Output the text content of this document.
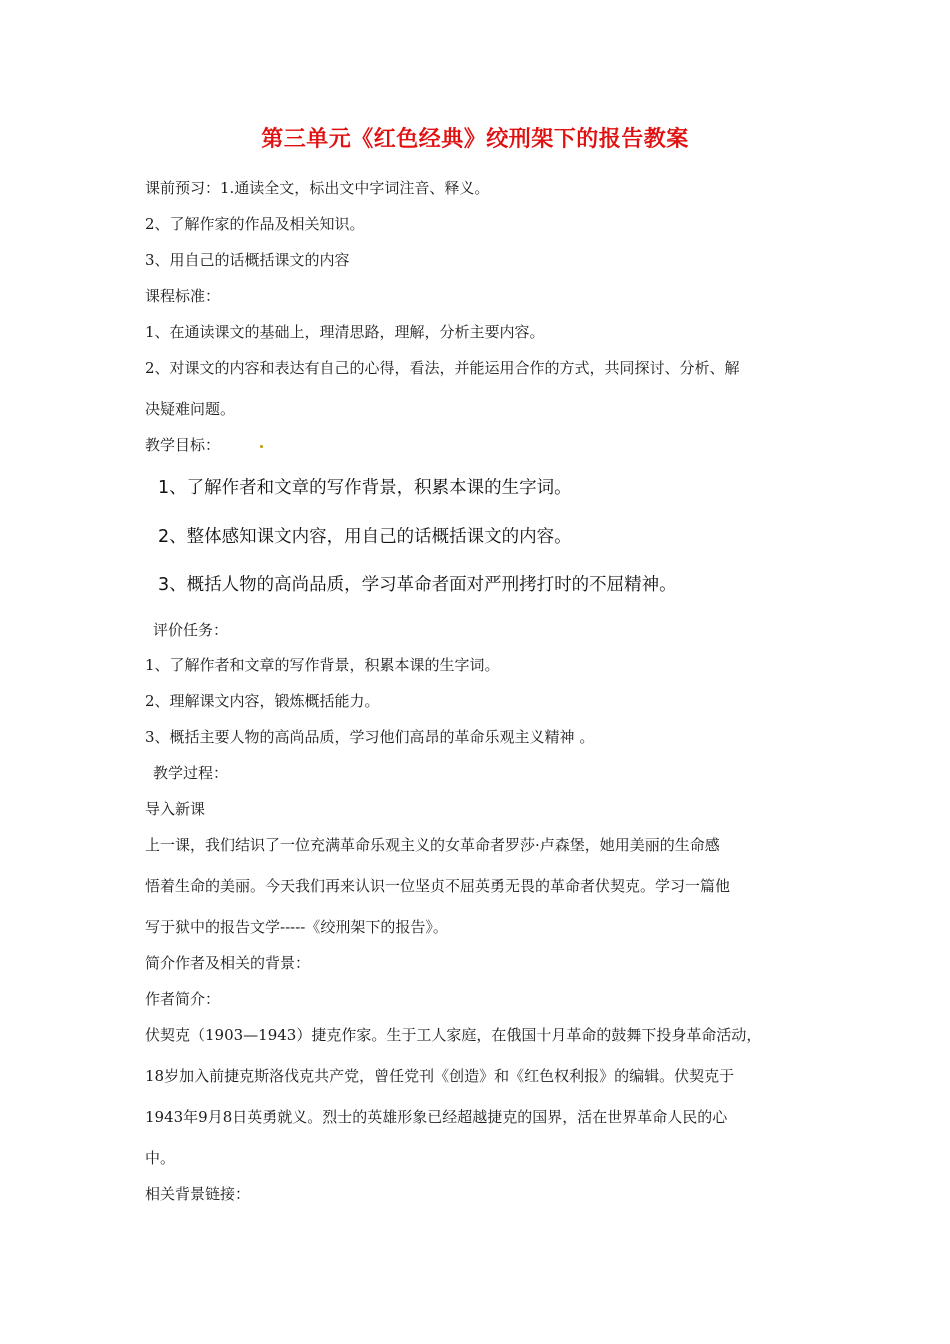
第三单元《红色经典》绞刑架下的报告教案
课前预习：1.通读全文，标出文中字词注音、释义。
2、了解作家的作品及相关知识。
3、用自己的话概括课文的内容
课程标准：
1、在通读课文的基础上，理清思路，理解，分析主要内容。
2、对课文的内容和表达有自己的心得，看法，并能运用合作的方式，共同探讨、分析、解
决疑难问题。
教学目标：
1、了解作者和文章的写作背景，积累本课的生字词。
2、整体感知课文内容，用自己的话概括课文的内容。
3、概括人物的高尚品质，学习革命者面对严刑拷打时的不屈精神。
评价任务：
1、了解作者和文章的写作背景，积累本课的生字词。
2、理解课文内容，锻炼概括能力。
3、概括主要人物的高尚品质，学习他们高昂的革命乐观主义精神 。
教学过程：
导入新课
上一课，我们结识了一位充满革命乐观主义的女革命者罗莎·卢森堡，她用美丽的生命感
悟着生命的美丽。今天我们再来认识一位坚贞不屈英勇无畏的革命者伏契克。学习一篇他
写于狱中的报告文学-----《绞刑架下的报告》。
简介作者及相关的背景：
作者简介：
伏契克（1903—1943）捷克作家。生于工人家庭，在俄国十月革命的鼓舞下投身革命活动，
18岁加入前捷克斯洛伐克共产党，曾任党刊《创造》和《红色权利报》的编辑。伏契克于
1943年9月8日英勇就义。烈士的英雄形象已经超越捷克的国界，活在世界革命人民的心
中。
相关背景链接：
